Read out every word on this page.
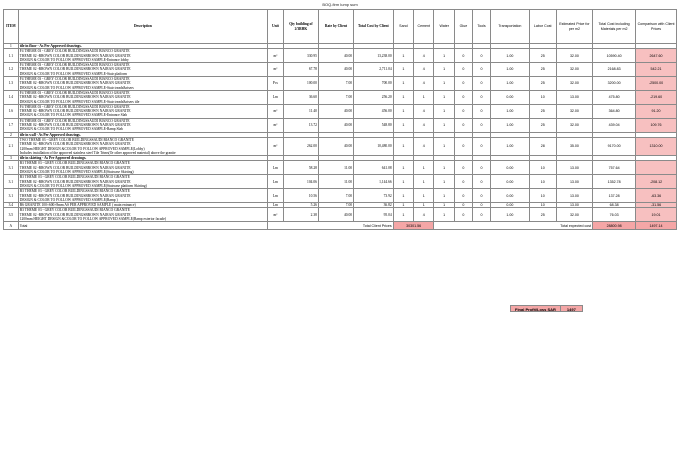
BOQ-firm lump sum
ITEM	Description	Unit	Qty building of 2/3BHK	Rate by Client	Total Cost by Client	Sand	Cement	Water	Glue	Tools	Transportation	Labor Cost	Estimated Price for per m2	Total Cost including Materials per m2	Comparison with Client Prices
1	tile in floor - As Per Approved drawings.														

1.1	F4 THEME 03 - GREY COLOR BUILDINGSSAUDI BIANCO GRANITE
THEME 02 -BROWN COLOR BUILDINGSBROWN NAJRAN GRANITE
DESIGN & COLOR TO FOLLOW APPROVED SAMPLE-Entrance lobby	m²	330.95	40.00	13,238.00	1	4	1	0	0	1.00	25	32.00	10590.40	2647.60
1.2	F4 THEME 03 - GREY COLOR BUILDINGSSAUDI BIANCO GRANITE
THEME 02 -BROWN COLOR BUILDINGSBROWN NAJRAN GRANITE
DESIGN & COLOR TO FOLLOW APPROVED SAMPLE-Stair platform	m²	67.78	40.00	2,711.04	1	4	1	0	0	1.00	25	32.00	2168.83	542.21
1.3	F4 THEME 03 - GREY COLOR BUILDINGSSAUDI BIANCO GRANITE
THEME 02 -BROWN COLOR BUILDINGSBROWN NAJRAN GRANITE
DESIGN & COLOR TO FOLLOW APPROVED SAMPLE-Stair treads&risers	Pcs	100.00	7.00	700.00	1	4	1	0	0	1.00	25	32.00	3200.00	-2500.00
1.4	F4 THEME 03 - GREY COLOR BUILDINGSSAUDI BIANCO GRANITE
THEME 02 -BROWN COLOR BUILDINGSBROWN NAJRAN GRANITE
DESIGN & COLOR TO FOLLOW APPROVED SAMPLE-Stair treads&risers tile	Lm	36.60	7.00	256.20	1	1	1	0	0	0.00	10	13.00	475.80	-219.60
1.6	F4 THEME 03 - GREY COLOR BUILDINGSSAUDI BIANCO GRANITE
THEME 02 -BROWN COLOR BUILDINGSBROWN NAJRAN GRANITE
DESIGN & COLOR TO FOLLOW APPROVED SAMPLE-Entrance Slab	m²	11.40	40.00	456.00	1	4	1	0	0	1.00	25	32.00	364.80	91.20
1.7	F4 THEME 03 - GREY COLOR BUILDINGSSAUDI BIANCO GRANITE
THEME 02 -BROWN COLOR BUILDINGSBROWN NAJRAN GRANITE
DESIGN & COLOR TO FOLLOW APPROVED SAMPLE-Ramp Slab	m²	13.72	40.00	548.80	1	4	1	0	0	1.00	25	32.00	439.04	109.76
2	tile in wall - As Per Approved drawings.														

2.1	TWO THEME 03 - GREY COLOR BUILDINGSSAUDI BIANCO GRANITE
THEME 02 -BROWN COLOR BUILDINGSBROWN NAJRAN GRANITE
1200mm HEIGHT DESIGN &COLOR TO FOLLOW APPROVED SAMPLE(Lobby)
Includes installation of the approved stainless steel Tile Trims(Or other approved material) above the granite	m²	262.00	40.00	10,480.00	1	4	1	0	0	1.00	28	35.00	9170.00	1310.00
3	tile in skirting - As Per Approved drawings.														

3.1	B3 THEME 03 - GREY COLOR BUILDINGSSAUDI BIANCO GRANITE
THEME 02 -BROWN COLOR BUILDINGSBROWN NAJRAN GRANITE
DESIGN & COLOR TO FOLLOW APPROVED SAMPLE(Staircase Skirting)	Lm	58.28	11.00	641.08	1	1	1	0	0	0.00	10	13.00	757.64	
3.1	B3 THEME 03 - GREY COLOR BUILDINGSSAUDI BIANCO GRANITE
THEME 02 -BROWN COLOR BUILDINGSBROWN NAJRAN GRANITE
DESIGN & COLOR TO FOLLOW APPROVED SAMPLE(Staircase platform Skirting)	Lm	104.06	11.00	1,144.66	1	1	1	0	0	0.00	10	13.00	1352.78	-208.12
3.1	B3 THEME 03 - GREY COLOR BUILDINGSSAUDI BIANCO GRANITE
THEME 02 -BROWN COLOR BUILDINGSBROWN NAJRAN GRANITE
DESIGN & COLOR TO FOLLOW APPROVED SAMPLE(Ramp )	Lm	10.56	7.00	73.92	1	1	1	0	0	0.00	10	13.00	137.28	-63.36
3.4	B6 GRANITE 100×600×8mm AS PER APPROVED SAMPLE ( main entrance)	Lm	5.26	7.00	36.82	1	1	1	0	0	0.00	10	13.00	68.38	-31.56
3.5	B3 THEME 03 - GREY COLOR BUILDINGSSAUDI BIANCO GRANITE
THEME 02 -BROWN COLOR BUILDINGSBROWN NAJRAN GRANITE
1200mm HEIGHT DESIGN &COLOR TO FOLLOW APPROVED SAMPLE(Ramp exterior facade)	m²	2.38	40.00	95.04	1	4	1	0	0	1.00	25	32.00	76.03	19.01
A	Total	Total Client Prices				30301.56		Total expected cost						28800.98	1497.14
Final Profit/Loss SAR	1497
